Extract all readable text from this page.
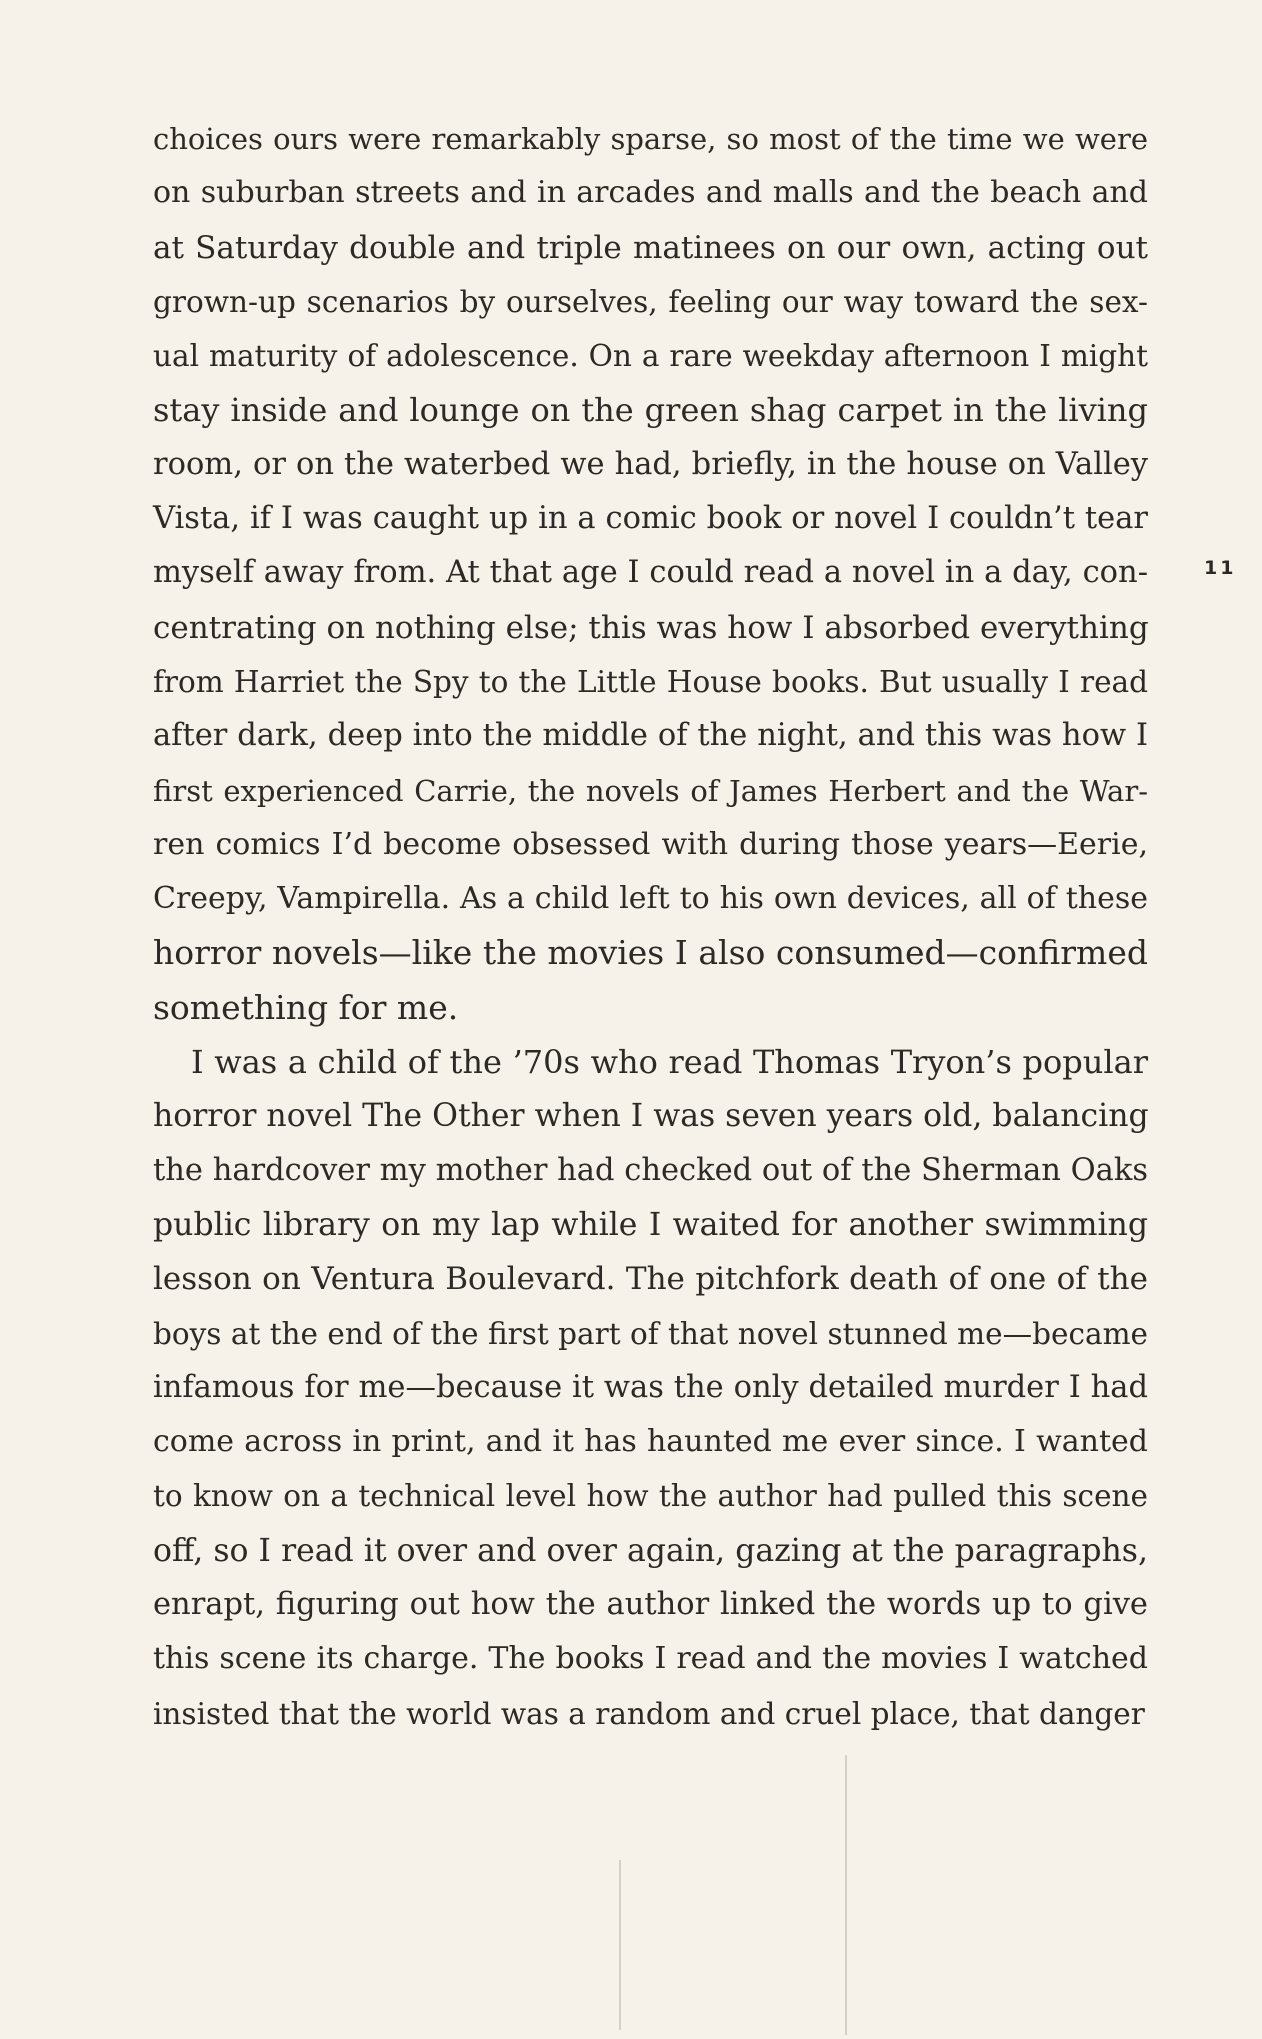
choices ours were remarkably sparse, so most of the time we were
on suburban streets and in arcades and malls and the beach and
at Saturday double and triple matinees on our own, acting out
grown-up scenarios by ourselves, feeling our way toward the sex-
ual maturity of adolescence. On a rare weekday afternoon I might
stay inside and lounge on the green shag carpet in the living
room, or on the waterbed we had, briefly, in the house on Valley
Vista, if I was caught up in a comic book or novel I couldn’t tear
myself away from. At that age I could read a novel in a day, con-
centrating on nothing else; this was how I absorbed everything
from Harriet the Spy to the Little House books. But usually I read
after dark, deep into the middle of the night, and this was how I
first experienced Carrie, the novels of James Herbert and the War-
ren comics I’d become obsessed with during those years—Eerie,
Creepy, Vampirella. As a child left to his own devices, all of these
horror novels—like the movies I also consumed—confirmed
something for me.
I was a child of the ’70s who read Thomas Tryon’s popular
horror novel The Other when I was seven years old, balancing
the hardcover my mother had checked out of the Sherman Oaks
public library on my lap while I waited for another swimming
lesson on Ventura Boulevard. The pitchfork death of one of the
boys at the end of the first part of that novel stunned me—became
infamous for me—because it was the only detailed murder I had
come across in print, and it has haunted me ever since. I wanted
to know on a technical level how the author had pulled this scene
off, so I read it over and over again, gazing at the paragraphs,
enrapt, figuring out how the author linked the words up to give
this scene its charge. The books I read and the movies I watched
insisted that the world was a random and cruel place, that danger
11
